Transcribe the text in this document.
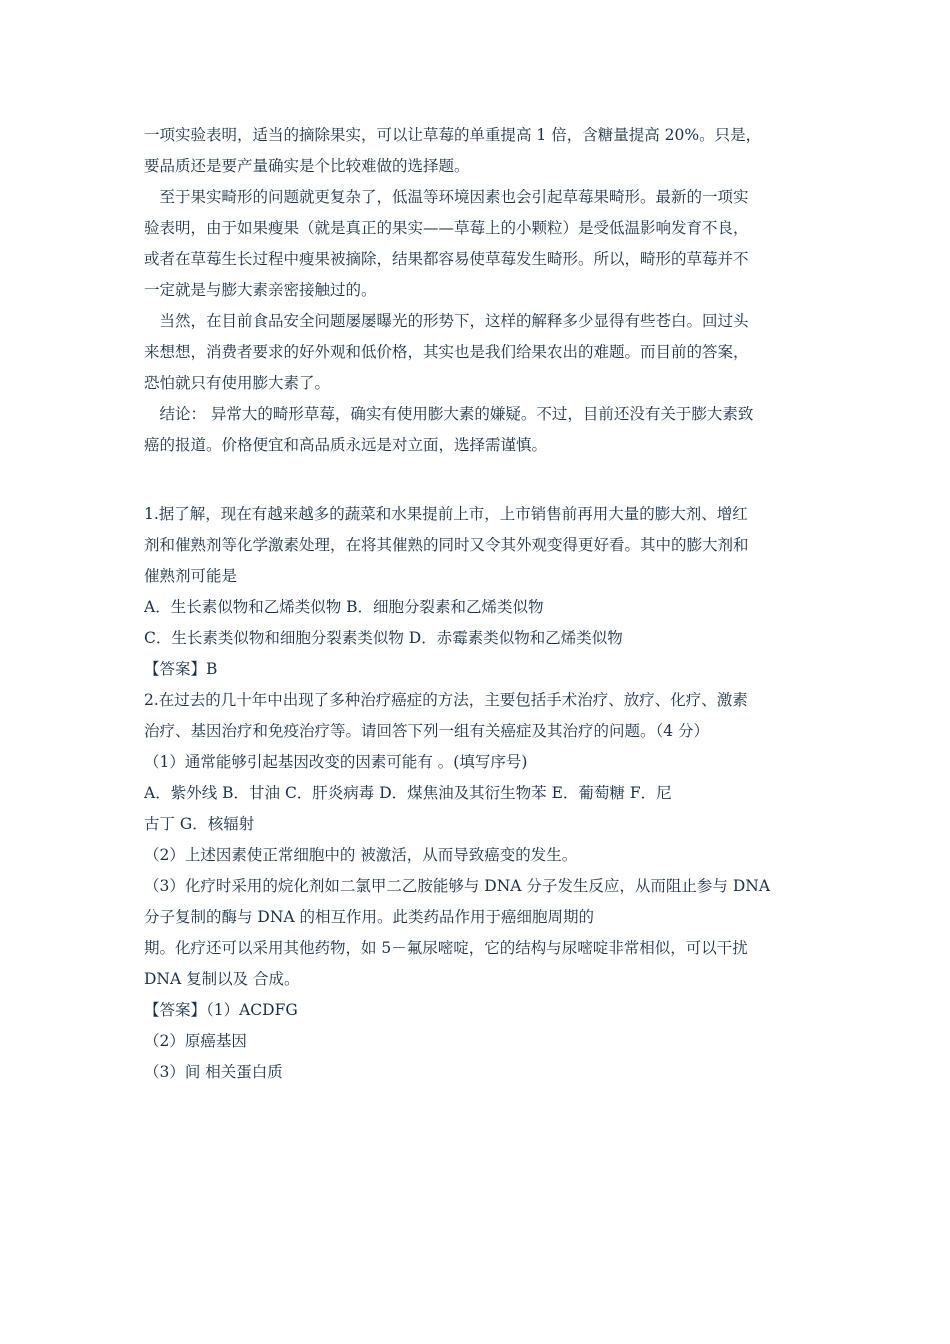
一项实验表明，适当的摘除果实，可以让草莓的单重提高 1 倍，含糖量提高 20%。只是，
要品质还是要产量确实是个比较难做的选择题。
　至于果实畸形的问题就更复杂了，低温等环境因素也会引起草莓果畸形。最新的一项实
验表明，由于如果瘦果（就是真正的果实——草莓上的小颗粒）是受低温影响发育不良，
或者在草莓生长过程中瘦果被摘除，结果都容易使草莓发生畸形。所以，畸形的草莓并不
一定就是与膨大素亲密接触过的。
　当然，在目前食品安全问题屡屡曝光的形势下，这样的解释多少显得有些苍白。回过头
来想想，消费者要求的好外观和低价格，其实也是我们给果农出的难题。而目前的答案，
恐怕就只有使用膨大素了。
　结论： 异常大的畸形草莓，确实有使用膨大素的嫌疑。不过，目前还没有关于膨大素致
癌的报道。价格便宜和高品质永远是对立面，选择需谨慎。
1.据了解，现在有越来越多的蔬菜和水果提前上市，上市销售前再用大量的膨大剂、增红
剂和催熟剂等化学激素处理，在将其催熟的同时又令其外观变得更好看。其中的膨大剂和
催熟剂可能是
A．生长素似物和乙烯类似物 B．细胞分裂素和乙烯类似物
C．生长素类似物和细胞分裂素类似物 D．赤霉素类似物和乙烯类似物
【答案】B
2.在过去的几十年中出现了多种治疗癌症的方法，主要包括手术治疗、放疗、化疗、激素
治疗、基因治疗和免疫治疗等。请回答下列一组有关癌症及其治疗的问题。（4 分）
（1）通常能够引起基因改变的因素可能有 。(填写序号)
A．紫外线 B．甘油 C．肝炎病毒 D．煤焦油及其衍生物苯 E．葡萄糖 F．尼
古丁 G．核辐射
（2）上述因素使正常细胞中的 被激活，从而导致癌变的发生。
（3）化疗时采用的烷化剂如二氯甲二乙胺能够与 DNA 分子发生反应，从而阻止参与 DNA
分子复制的酶与 DNA 的相互作用。此类药品作用于癌细胞周期的
期。化疗还可以采用其他药物，如 5－氟尿嘧啶，它的结构与尿嘧啶非常相似，可以干扰
DNA 复制以及 合成。
【答案】（1）ACDFG
（2）原癌基因
（3）间 相关蛋白质
